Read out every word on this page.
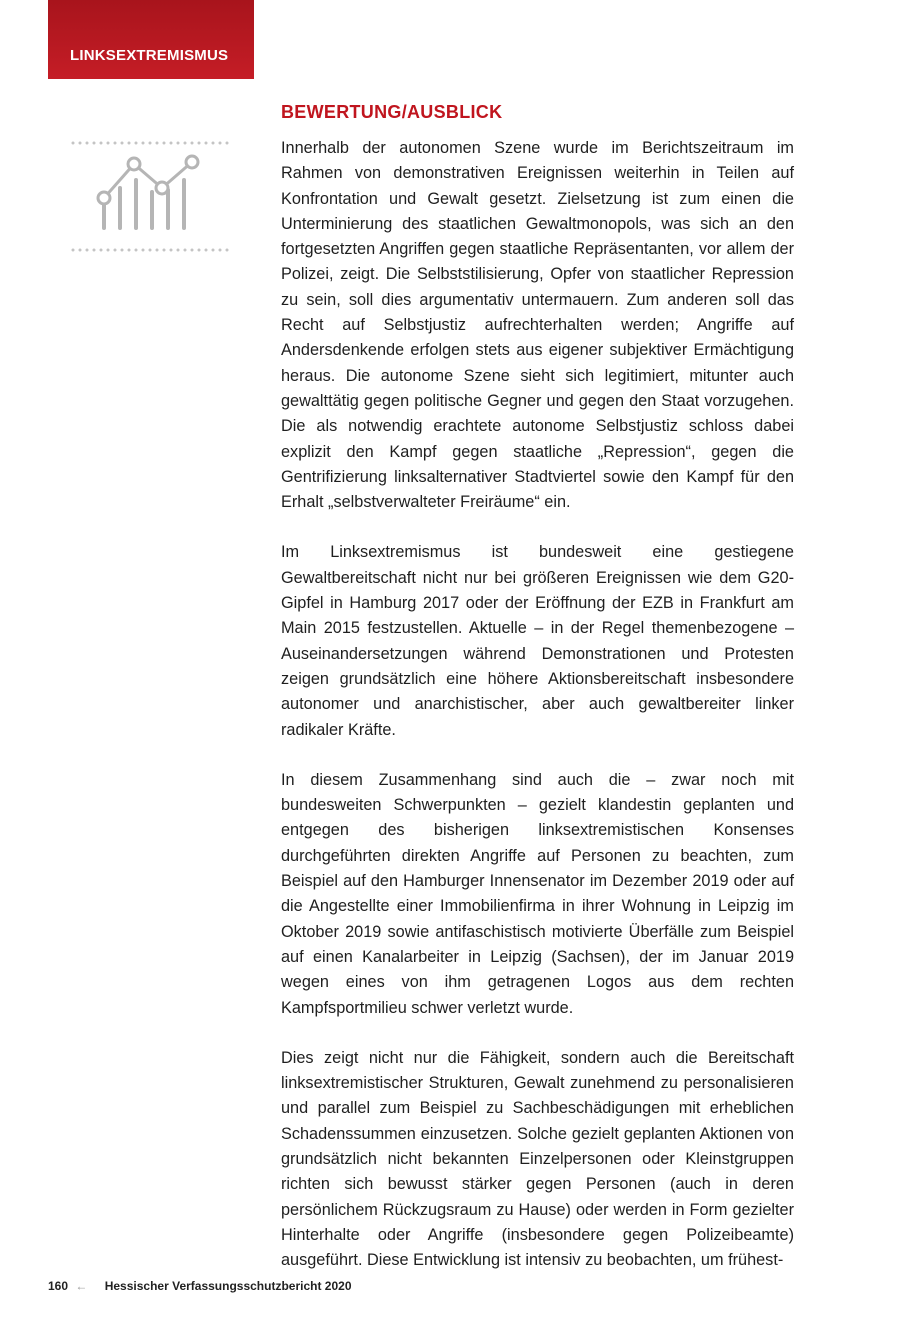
LINKSEXTREMISMUS
BEWERTUNG/AUSBLICK

Innerhalb der autonomen Szene wurde im Berichtszeitraum im Rahmen von demonstrativen Ereignissen weiterhin in Teilen auf Konfrontation und Gewalt gesetzt. Zielsetzung ist zum einen die Unterminierung des staatlichen Gewaltmonopols, was sich an den fortgesetzten Angriffen gegen staatliche Repräsentanten, vor allem der Polizei, zeigt. Die Selbststilisierung, Opfer von staatlicher Repression zu sein, soll dies argumentativ untermauern. Zum anderen soll das Recht auf Selbstjustiz aufrechterhalten werden; Angriffe auf Andersdenkende erfolgen stets aus eigener subjektiver Ermächtigung heraus. Die autonome Szene sieht sich legitimiert, mitunter auch gewalttätig gegen politische Gegner und gegen den Staat vorzugehen. Die als notwendig erachtete autonome Selbstjustiz schloss dabei explizit den Kampf gegen staatliche „Repression“, gegen die Gentrifizierung linksalternativer Stadtviertel sowie den Kampf für den Erhalt „selbstverwalteter Freiräume“ ein.

Im Linksextremismus ist bundesweit eine gestiegene Gewaltbereitschaft nicht nur bei größeren Ereignissen wie dem G20-Gipfel in Hamburg 2017 oder der Eröffnung der EZB in Frankfurt am Main 2015 festzustellen. Aktuelle – in der Regel themenbezogene – Auseinandersetzungen während Demonstrationen und Protesten zeigen grundsätzlich eine höhere Aktionsbereitschaft insbesondere autonomer und anarchistischer, aber auch gewaltbereiter linker radikaler Kräfte.

In diesem Zusammenhang sind auch die – zwar noch mit bundesweiten Schwerpunkten – gezielt klandestin geplanten und entgegen des bisherigen linksextremistischen Konsenses durchgeführten direkten Angriffe auf Personen zu beachten, zum Beispiel auf den Hamburger Innensenator im Dezember 2019 oder auf die Angestellte einer Immobilienfirma in ihrer Wohnung in Leipzig im Oktober 2019 sowie antifaschistisch motivierte Überfälle zum Beispiel auf einen Kanalarbeiter in Leipzig (Sachsen), der im Januar 2019 wegen eines von ihm getragenen Logos aus dem rechten Kampfsportmilieu schwer verletzt wurde.

Dies zeigt nicht nur die Fähigkeit, sondern auch die Bereitschaft linksextremistischer Strukturen, Gewalt zunehmend zu personalisieren und parallel zum Beispiel zu Sachbeschädigungen mit erheblichen Schadenssummen einzusetzen. Solche gezielt geplanten Aktionen von grundsätzlich nicht bekannten Einzelpersonen oder Kleinstgruppen richten sich bewusst stärker gegen Personen (auch in deren persönlichem Rückzugsraum zu Hause) oder werden in Form gezielter Hinterhalte oder Angriffe (insbesondere gegen Polizeibeamte) ausgeführt. Diese Entwicklung ist intensiv zu beobachten, um frühest-

160 ← Hessischer Verfassungsschutzbericht 2020
